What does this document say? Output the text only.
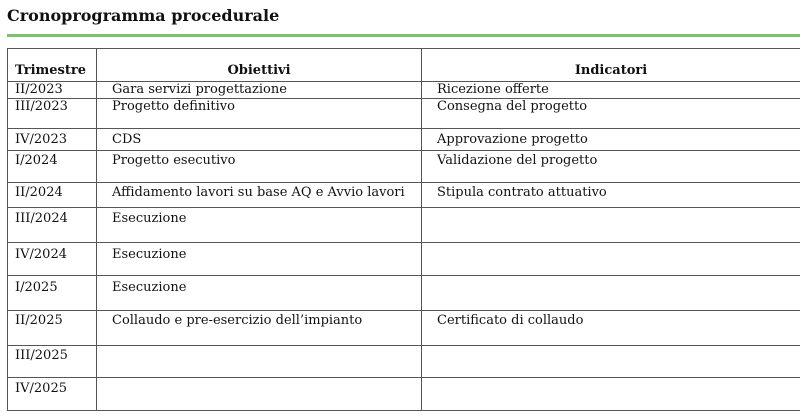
Cronoprogramma procedurale
Trimestre	Obiettivi	Indicatori
II/2023	Gara servizi progettazione	Ricezione offerte
III/2023	Progetto definitivo	Consegna del progetto
IV/2023	CDS	Approvazione progetto
I/2024	Progetto esecutivo	Validazione del progetto
II/2024	Affidamento lavori su base AQ e Avvio lavori	Stipula contrato attuativo
III/2024	Esecuzione	
IV/2024	Esecuzione	
I/2025	Esecuzione	
II/2025	Collaudo e pre-esercizio dell’impianto	Certificato di collaudo
III/2025		
IV/2025		
